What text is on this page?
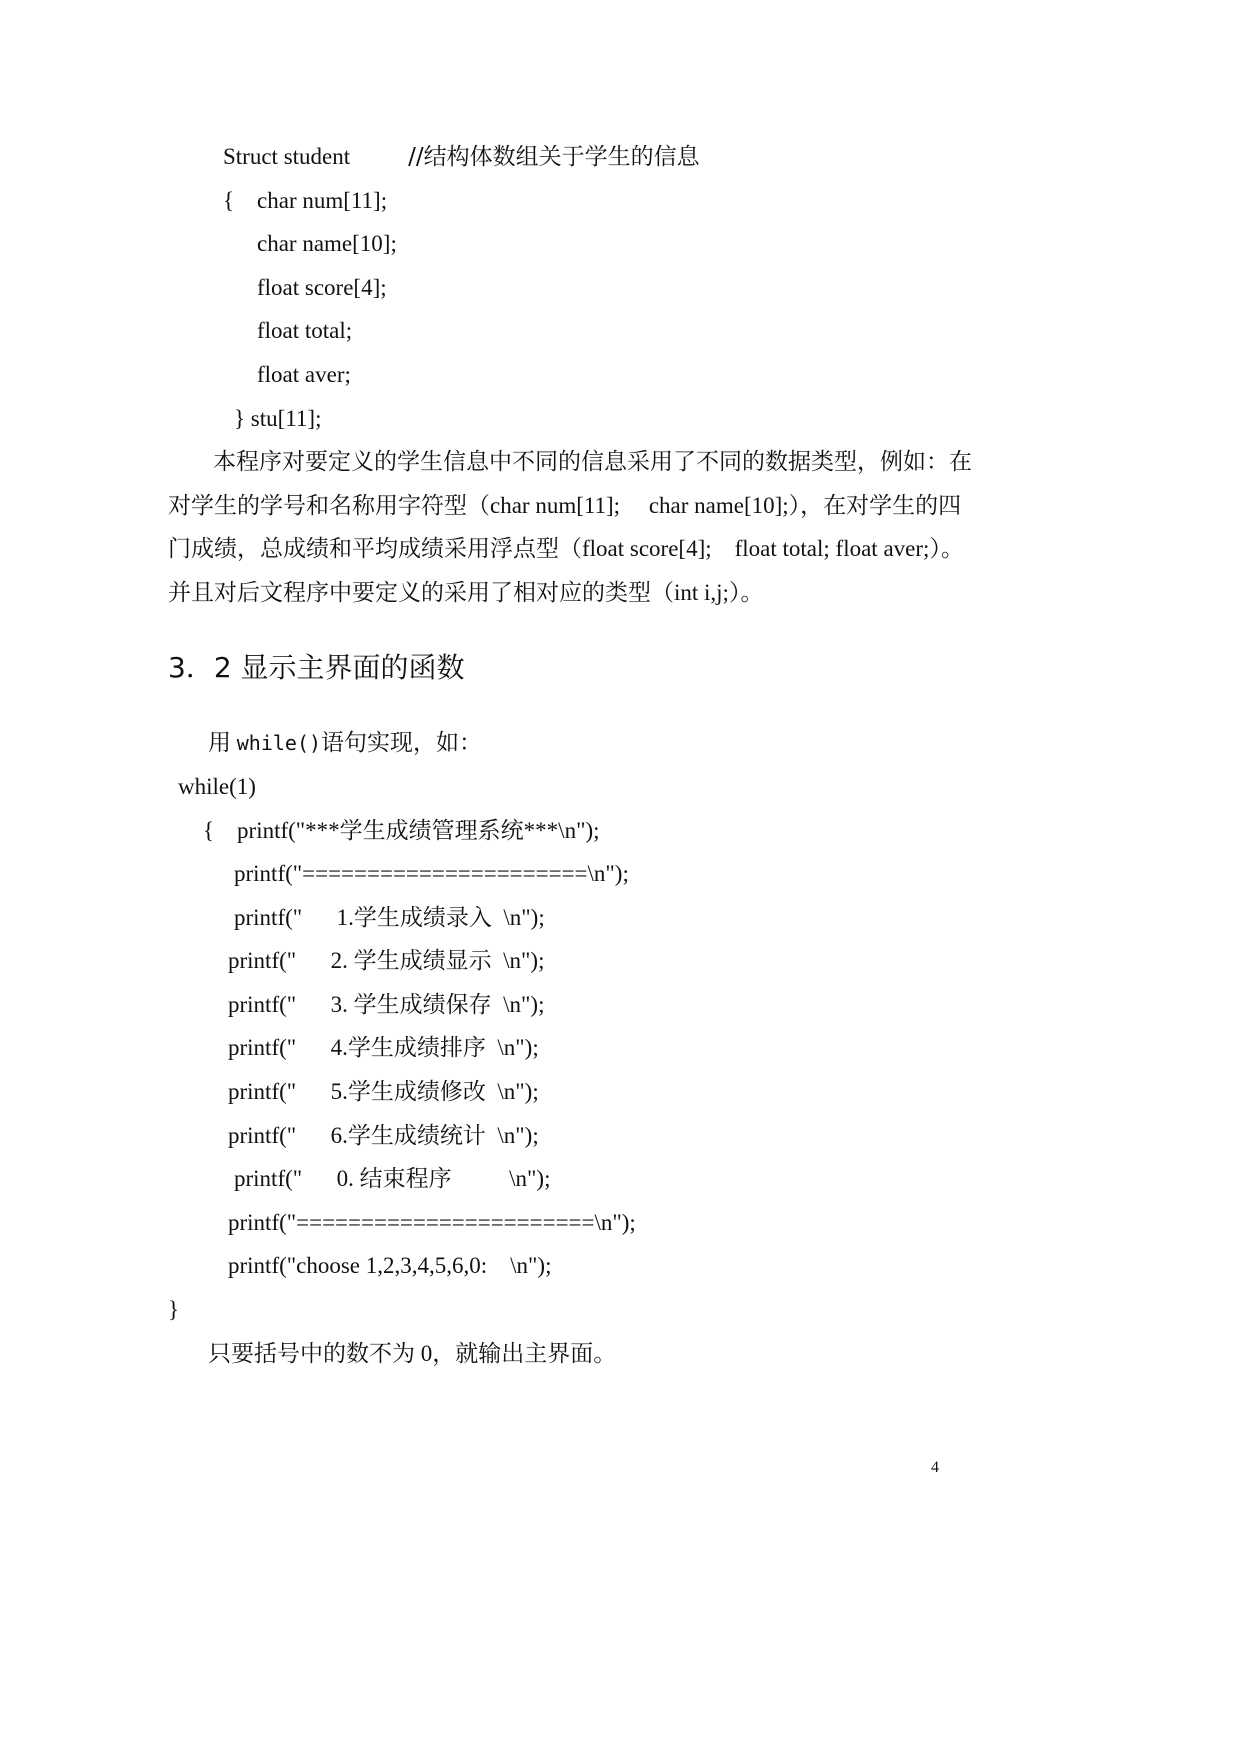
Struct student	//结构体数组关于学生的信息
{    char num[11];
char name[10];
float score[4];
float total;
float aver;
} stu[11];
本程序对要定义的学生信息中不同的信息采用了不同的数据类型，例如：在
对学生的学号和名称用字符型（char num[11];     char name[10];），在对学生的四
门成绩，总成绩和平均成绩采用浮点型（float score[4];    float total; float aver;）。
并且对后文程序中要定义的采用了相对应的类型（int i,j;）。
3．2 显示主界面的函数
用 while()语句实现，如：
while(1)
{    printf("***学生成绩管理系统***\n");
printf("======================\n");
printf("      1.学生成绩录入  \n");
printf("      2. 学生成绩显示  \n");
printf("      3. 学生成绩保存  \n");
printf("      4.学生成绩排序  \n");
printf("      5.学生成绩修改  \n");
printf("      6.学生成绩统计  \n");
printf("      0. 结束程序          \n");
printf("=======================\n");
printf("choose 1,2,3,4,5,6,0:    \n");
}
只要括号中的数不为 0，就输出主界面。
4
